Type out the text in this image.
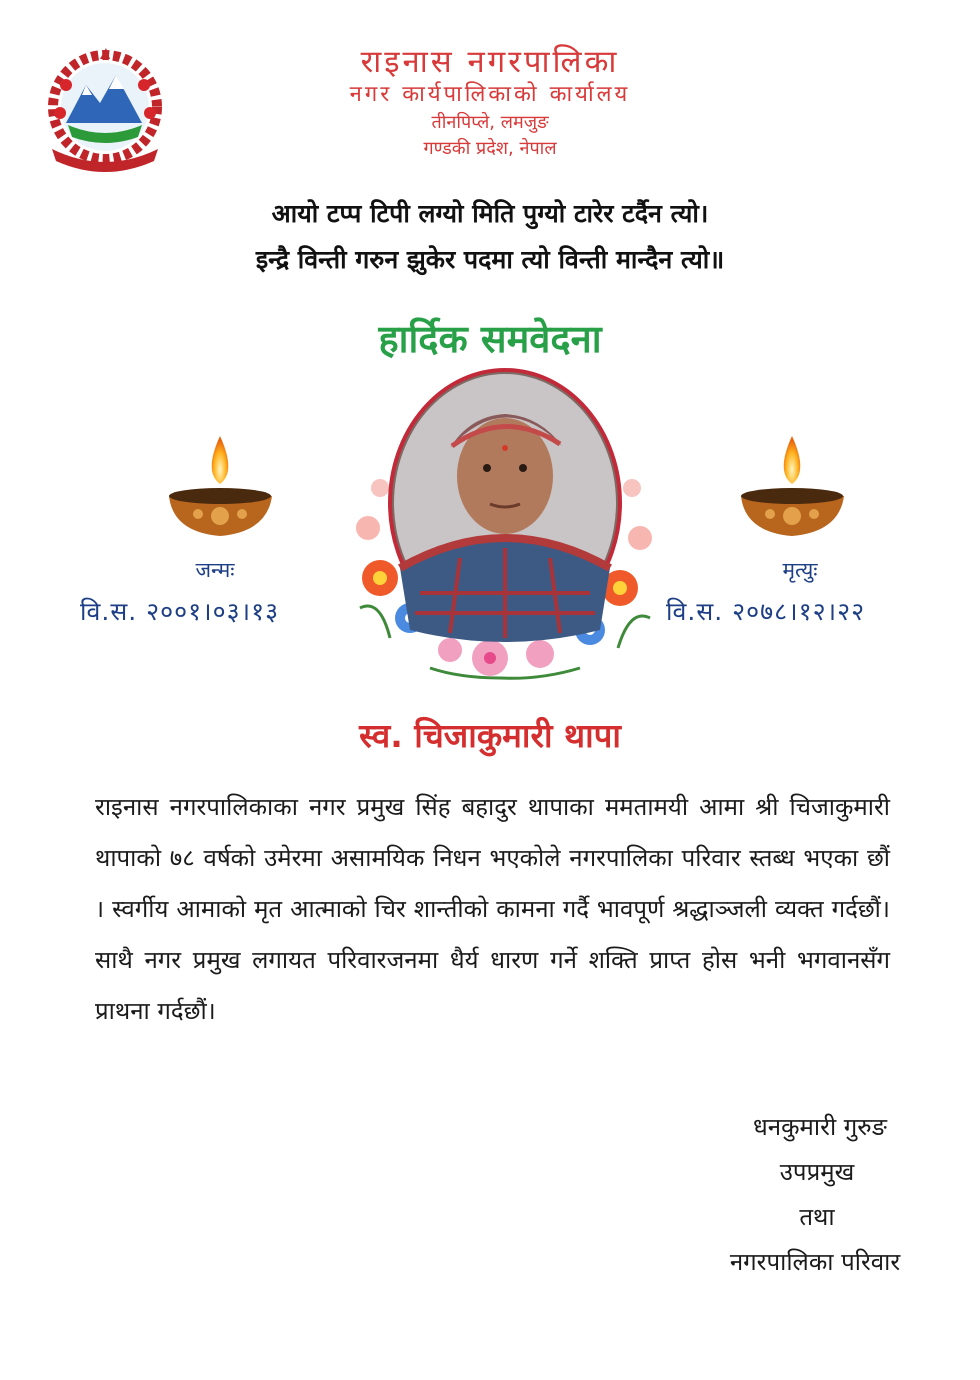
राइनास नगरपालिका
नगर कार्यपालिकाको कार्यालय
तीनपिप्ले, लमजुङ
गण्डकी प्रदेश, नेपाल
आयो टप्प टिपी लग्यो मिति पुग्यो टारेर टर्दैन त्यो।
इन्द्रै विन्ती गरुन झुकेर पदमा त्यो विन्ती मान्दैन त्यो॥
हार्दिक समवेदना
जन्मः	मृत्युः
वि.स. २००१।०३।१३	वि.स. २०७८।१२।२२
स्व. चिजाकुमारी थापा
राइनास नगरपालिकाका नगर प्रमुख सिंह बहादुर थापाका ममतामयी आमा श्री चिजाकुमारी थापाको ७८ वर्षको उमेरमा असामयिक निधन भएकोले नगरपालिका परिवार स्तब्ध भएका छौं । स्वर्गीय आमाको मृत आत्माको चिर शान्तीको कामना गर्दै भावपूर्ण श्रद्धाञ्जली व्यक्त गर्दछौं।साथै नगर प्रमुख लगायत परिवारजनमा धैर्य धारण गर्ने शक्ति प्राप्त होस भनी भगवानसँग प्राथना गर्दछौं।
धनकुमारी गुरुङ
उपप्रमुख
तथा
नगरपालिका परिवार
